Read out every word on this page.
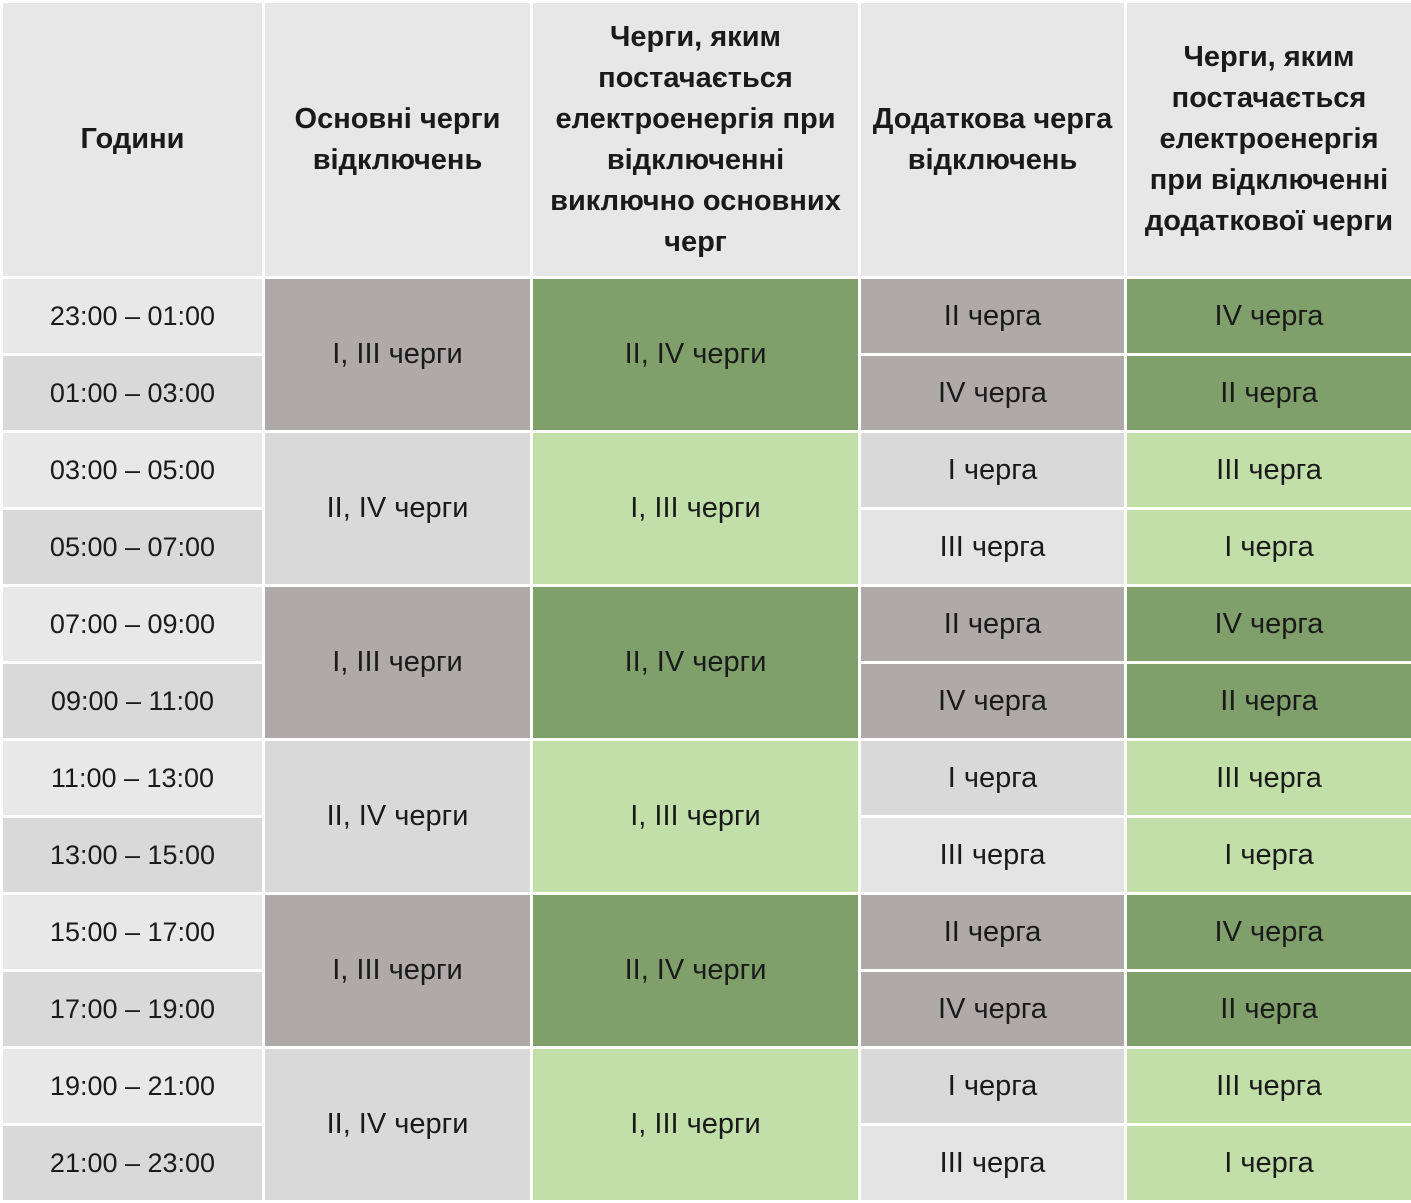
Години	Основні черги відключень	Черги, яким постачається електроенергія при відключенні виключно основних черг	Додаткова черга відключень	Черги, яким постачається електроенергія при відключенні додаткової черги
23:00 – 01:00	I, III черги	II, IV черги	II черга	IV черга
01:00 – 03:00			IV черга	II черга
03:00 – 05:00	II, IV черги	I, III черги	I черга	III черга
05:00 – 07:00			III черга	I черга
07:00 – 09:00	I, III черги	II, IV черги	II черга	IV черга
09:00 – 11:00			IV черга	II черга
11:00 – 13:00	II, IV черги	I, III черги	I черга	III черга
13:00 – 15:00			III черга	I черга
15:00 – 17:00	I, III черги	II, IV черги	II черга	IV черга
17:00 – 19:00			IV черга	II черга
19:00 – 21:00	II, IV черги	I, III черги	I черга	III черга
21:00 – 23:00			III черга	I черга
